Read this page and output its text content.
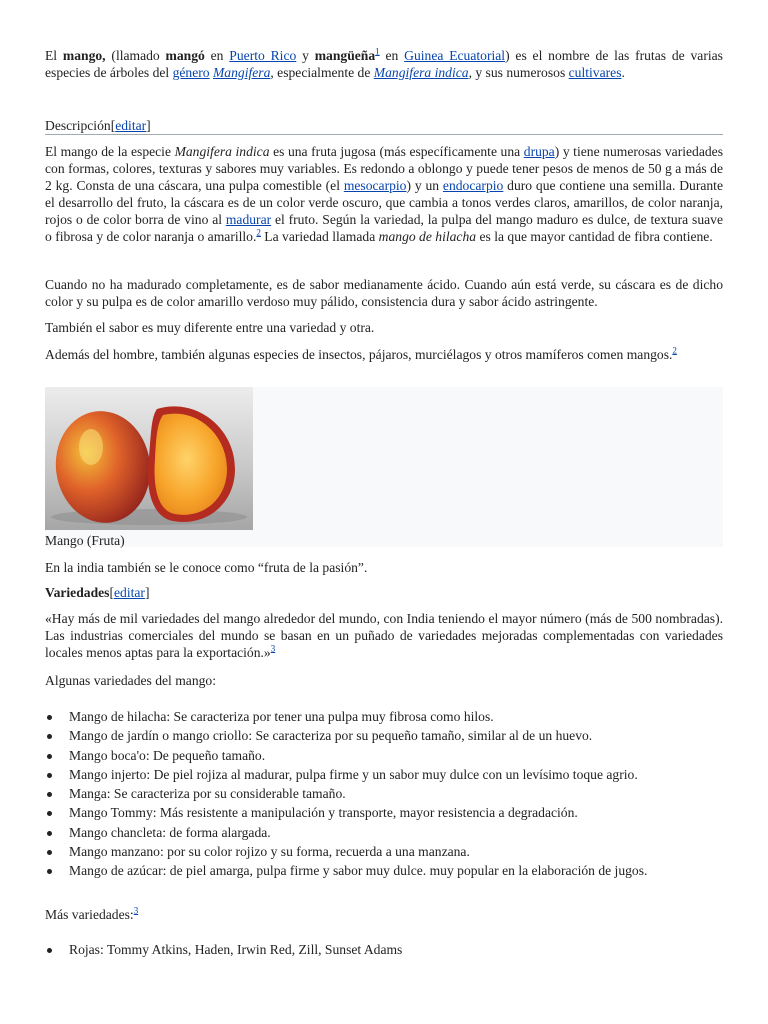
El mango, (llamado mangó en Puerto Rico y mangüeña$^1$ en Guinea Ecuatorial) es el nombre de las frutas de varias especies de árboles del género Mangifera, especialmente de Mangifera indica, y sus numerosos cultivares.

Descripción[editar]

El mango de la especie Mangifera indica es una fruta jugosa (más específicamente una drupa) y tiene numerosas variedades con formas, colores, texturas y sabores muy variables. Es redondo a oblongo y puede tener pesos de menos de 50 g a más de 2 kg. Consta de una cáscara, una pulpa comestible (el mesocarpio) y un endocarpio duro que contiene una semilla. Durante el desarrollo del fruto, la cáscara es de un color verde oscuro, que cambia a tonos verdes claros, amarillos, de color naranja, rojos o de color borra de vino al madurar el fruto. Según la variedad, la pulpa del mango maduro es dulce, de textura suave o fibrosa y de color naranja o amarillo.$^2$ La variedad llamada mango de hilacha es la que mayor cantidad de fibra contiene.

Cuando no ha madurado completamente, es de sabor medianamente ácido. Cuando aún está verde, su cáscara es de dicho color y su pulpa es de color amarillo verdoso muy pálido, consistencia dura y sabor ácido astringente.

También el sabor es muy diferente entre una variedad y otra.

Además del hombre, también algunas especies de insectos, pájaros, murciélagos y otros mamíferos comen mangos.$^2$

Mango (Fruta)

En la india también se le conoce como “fruta de la pasión”.

Variedades[editar]

«Hay más de mil variedades del mango alrededor del mundo, con India teniendo el mayor número (más de 500 nombradas). Las industrias comerciales del mundo se basan en un puñado de variedades mejoradas complementadas con variedades locales menos aptas para la exportación.»$^3$

Algunas variedades del mango:

Mango de hilacha: Se caracteriza por tener una pulpa muy fibrosa como hilos.
Mango de jardín o mango criollo: Se caracteriza por su pequeño tamaño, similar al de un huevo.
Mango boca'o: De pequeño tamaño.
Mango injerto: De piel rojiza al madurar, pulpa firme y un sabor muy dulce con un levísimo toque agrio.
Manga: Se caracteriza por su considerable tamaño.
Mango Tommy: Más resistente a manipulación y transporte, mayor resistencia a degradación.
Mango chancleta: de forma alargada.
Mango manzano: por su color rojizo y su forma, recuerda a una manzana.
Mango de azúcar: de piel amarga, pulpa firme y sabor muy dulce. muy popular en la elaboración de jugos.

Más variedades:$^3$

Rojas: Tommy Atkins, Haden, Irwin Red, Zill, Sunset Adams
